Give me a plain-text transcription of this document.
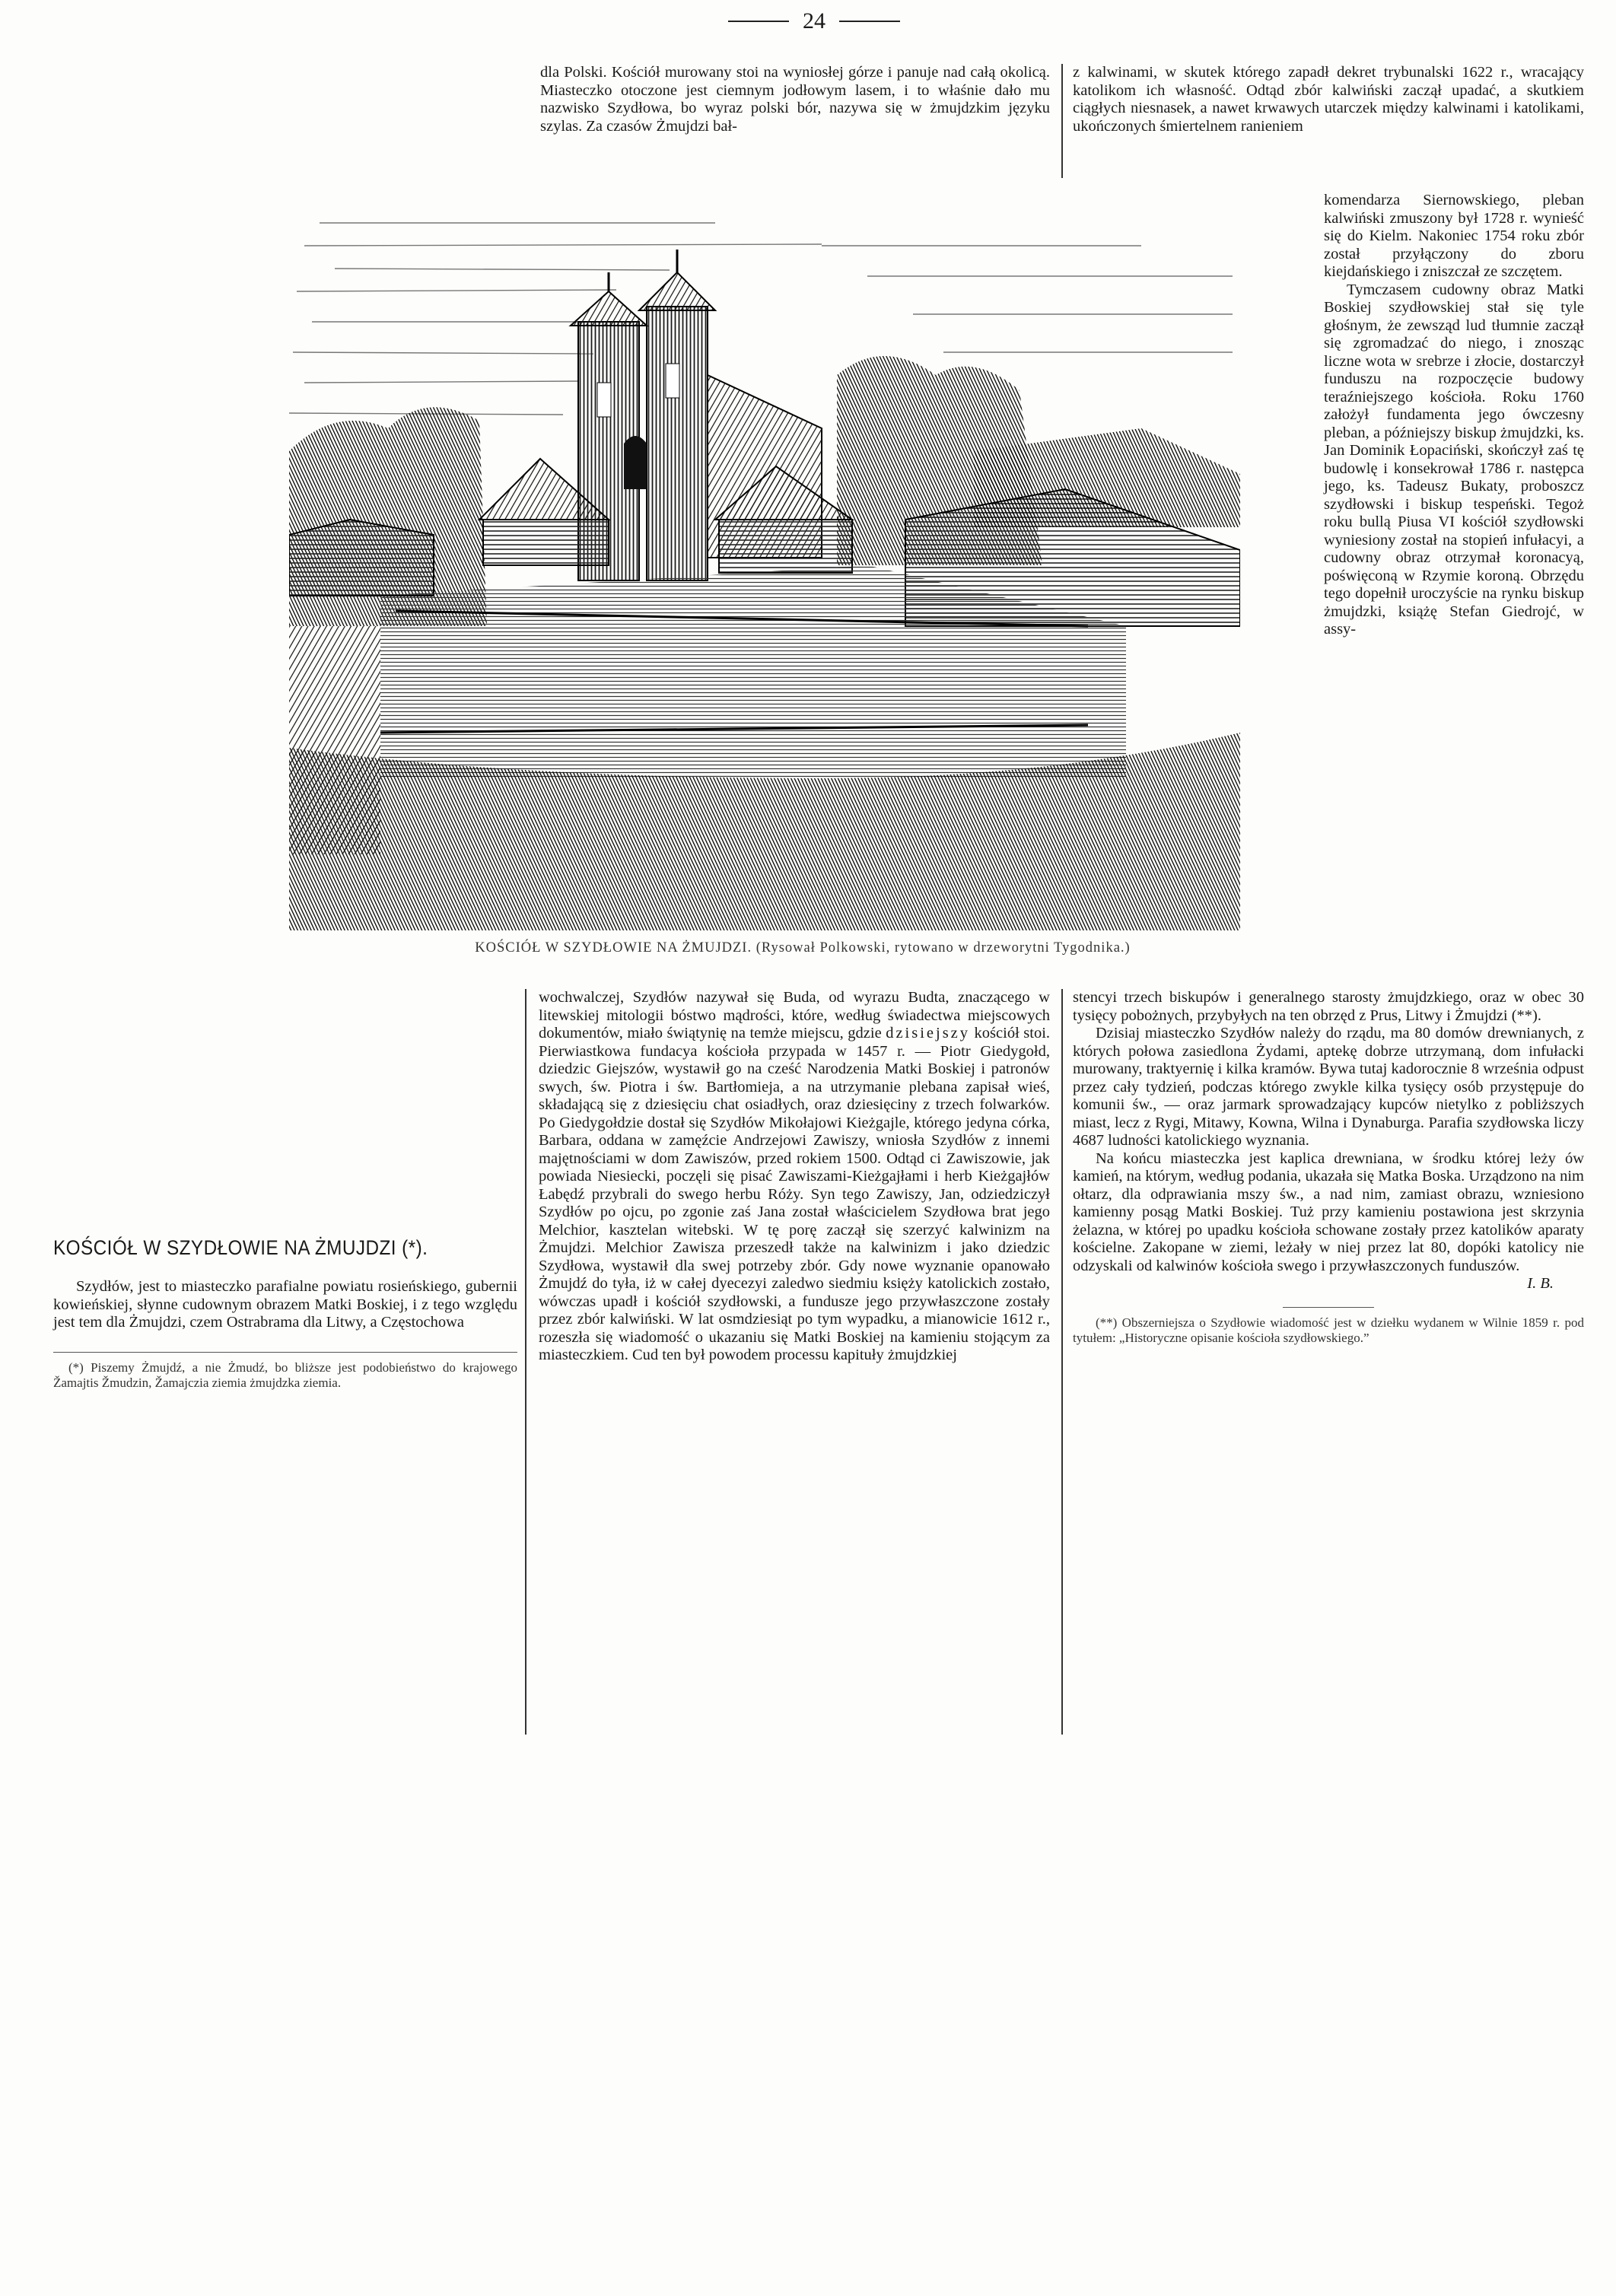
24

dla Polski. Kościół murowany stoi na wyniosłej górze i panuje nad całą okolicą. Miasteczko otoczone jest ciemnym jodłowym lasem, i to właśnie dało mu nazwisko Szydłowa, bo wyraz polski bór, nazywa się w żmujdzkim języku szylas. Za czasów Żmujdzi bał-

z kalwinami, w skutek którego zapadł dekret trybunalski 1622 r., wracający katolikom ich własność. Odtąd zbór kalwiński zaczął upadać, a skutkiem ciągłych niesnasek, a nawet krwawych utarczek między kalwinami i katolikami, ukończonych śmiertelnem ranieniem

komendarza Siernowskiego, pleban kalwiński zmuszony był 1728 r. wynieść się do Kielm. Nakoniec 1754 roku zbór został przyłączony do zboru kiejdańskiego i zniszczał ze szczętem.

Tymczasem cudowny obraz Matki Boskiej szydłowskiej stał się tyle głośnym, że zewsząd lud tłumnie zaczął się zgromadzać do niego, i znosząc liczne wota w srebrze i złocie, dostarczył funduszu na rozpoczęcie budowy teraźniejszego kościoła. Roku 1760 założył fundamenta jego ówczesny pleban, a późniejszy biskup żmujdzki, ks. Jan Dominik Łopaciński, skończył zaś tę budowlę i konsekrował 1786 r. następca jego, ks. Tadeusz Bukaty, proboszcz szydłowski i biskup tespeński. Tegoż roku bullą Piusa VI kościół szydłowski wyniesiony został na stopień infułacyi, a cudowny obraz otrzymał koronacyą, poświęconą w Rzymie koroną. Obrzędu tego dopełnił uroczyście na rynku biskup żmujdzki, książę Stefan Giedrojć, w assy-

KOŚCIÓŁ W SZYDŁOWIE NA ŻMUJDZI. (Rysował Polkowski, rytowano w drzeworytni Tygodnika.)

stencyi trzech biskupów i generalnego starosty żmujdzkiego, oraz w obec 30 tysięcy pobożnych, przybyłych na ten obrzęd z Prus, Litwy i Żmujdzi (**).

Dzisiaj miasteczko Szydłów należy do rządu, ma 80 domów drewnianych, z których połowa zasiedlona Żydami, aptekę dobrze utrzymaną, dom infułacki murowany, traktyernię i kilka kramów. Bywa tutaj kadorocznie 8 września odpust przez cały tydzień, podczas którego zwykle kilka tysięcy osób przystępuje do komunii św., — oraz jarmark sprowadzający kupców nietylko z pobliższych miast, lecz z Rygi, Mitawy, Kowna, Wilna i Dynaburga. Parafia szydłowska liczy 4687 ludności katolickiego wyznania.

Na końcu miasteczka jest kaplica drewniana, w środku której leży ów kamień, na którym, według podania, ukazała się Matka Boska. Urządzono na nim ołtarz, dla odprawiania mszy św., a nad nim, zamiast obrazu, wzniesiono kamienny posąg Matki Boskiej. Tuż przy kamieniu postawiona jest skrzynia żelazna, w której po upadku kościoła schowane zostały przez katolików aparaty kościelne. Zakopane w ziemi, leżały w niej przez lat 80, dopóki katolicy nie odzyskali od kalwinów kościoła swego i przywłaszczonych funduszów.

I. B.

(**) Obszerniejsza o Szydłowie wiadomość jest w dziełku wydanem w Wilnie 1859 r. pod tytułem: „Historyczne opisanie kościoła szydłowskiego.”

wochwalczej, Szydłów nazywał się Buda, od wyrazu Budta, znaczącego w litewskiej mitologii bóstwo mądrości, które, według świadectwa miejscowych dokumentów, miało świątynię na temże miejscu, gdzie dzisiejszy kościół stoi. Pierwiastkowa fundacya kościoła przypada w 1457 r. — Piotr Giedygołd, dziedzic Giejszów, wystawił go na cześć Narodzenia Matki Boskiej i patronów swych, św. Piotra i św. Bartłomieja, a na utrzymanie plebana zapisał wieś, składającą się z dziesięciu chat osiadłych, oraz dziesięciny z trzech folwarków. Po Giedygołdzie dostał się Szydłów Mikołajowi Kieżgajle, którego jedyna córka, Barbara, oddana w zamęźcie Andrzejowi Zawiszy, wniosła Szydłów z innemi majętnościami w dom Zawiszów, przed rokiem 1500. Odtąd ci Zawiszowie, jak powiada Niesiecki, poczęli się pisać Zawiszami-Kieżgajłami i herb Kieżgajłów Łabędź przybrali do swego herbu Róży. Syn tego Zawiszy, Jan, odziedziczył Szydłów po ojcu, po zgonie zaś Jana został właścicielem Szydłowa brat jego Melchior, kasztelan witebski. W tę porę zaczął się szerzyć kalwinizm na Żmujdzi. Melchior Zawisza przeszedł także na kalwinizm i jako dziedzic Szydłowa, wystawił dla swej potrzeby zbór. Gdy nowe wyznanie opanowało Żmujdź do tyła, iż w całej dyecezyi zaledwo siedmiu księży katolickich zostało, wówczas upadł i kościół szydłowski, a fundusze jego przywłaszczone zostały przez zbór kalwiński. W lat osmdziesiąt po tym wypadku, a mianowicie 1612 r., rozeszła się wiadomość o ukazaniu się Matki Boskiej na kamieniu stojącym za miasteczkiem. Cud ten był powodem processu kapituły żmujdzkiej

KOŚCIÓŁ W SZYDŁOWIE NA ŻMUJDZI (*).

Szydłów, jest to miasteczko parafialne powiatu rosieńskiego, gubernii kowieńskiej, słynne cudownym obrazem Matki Boskiej, i z tego względu jest tem dla Żmujdzi, czem Ostrabrama dla Litwy, a Częstochowa

(*) Piszemy Żmujdź, a nie Żmudź, bo bliższe jest podobieństwo do krajowego Žamajtis Žmudzin, Žamajczia ziemia żmujdzka ziemia.
